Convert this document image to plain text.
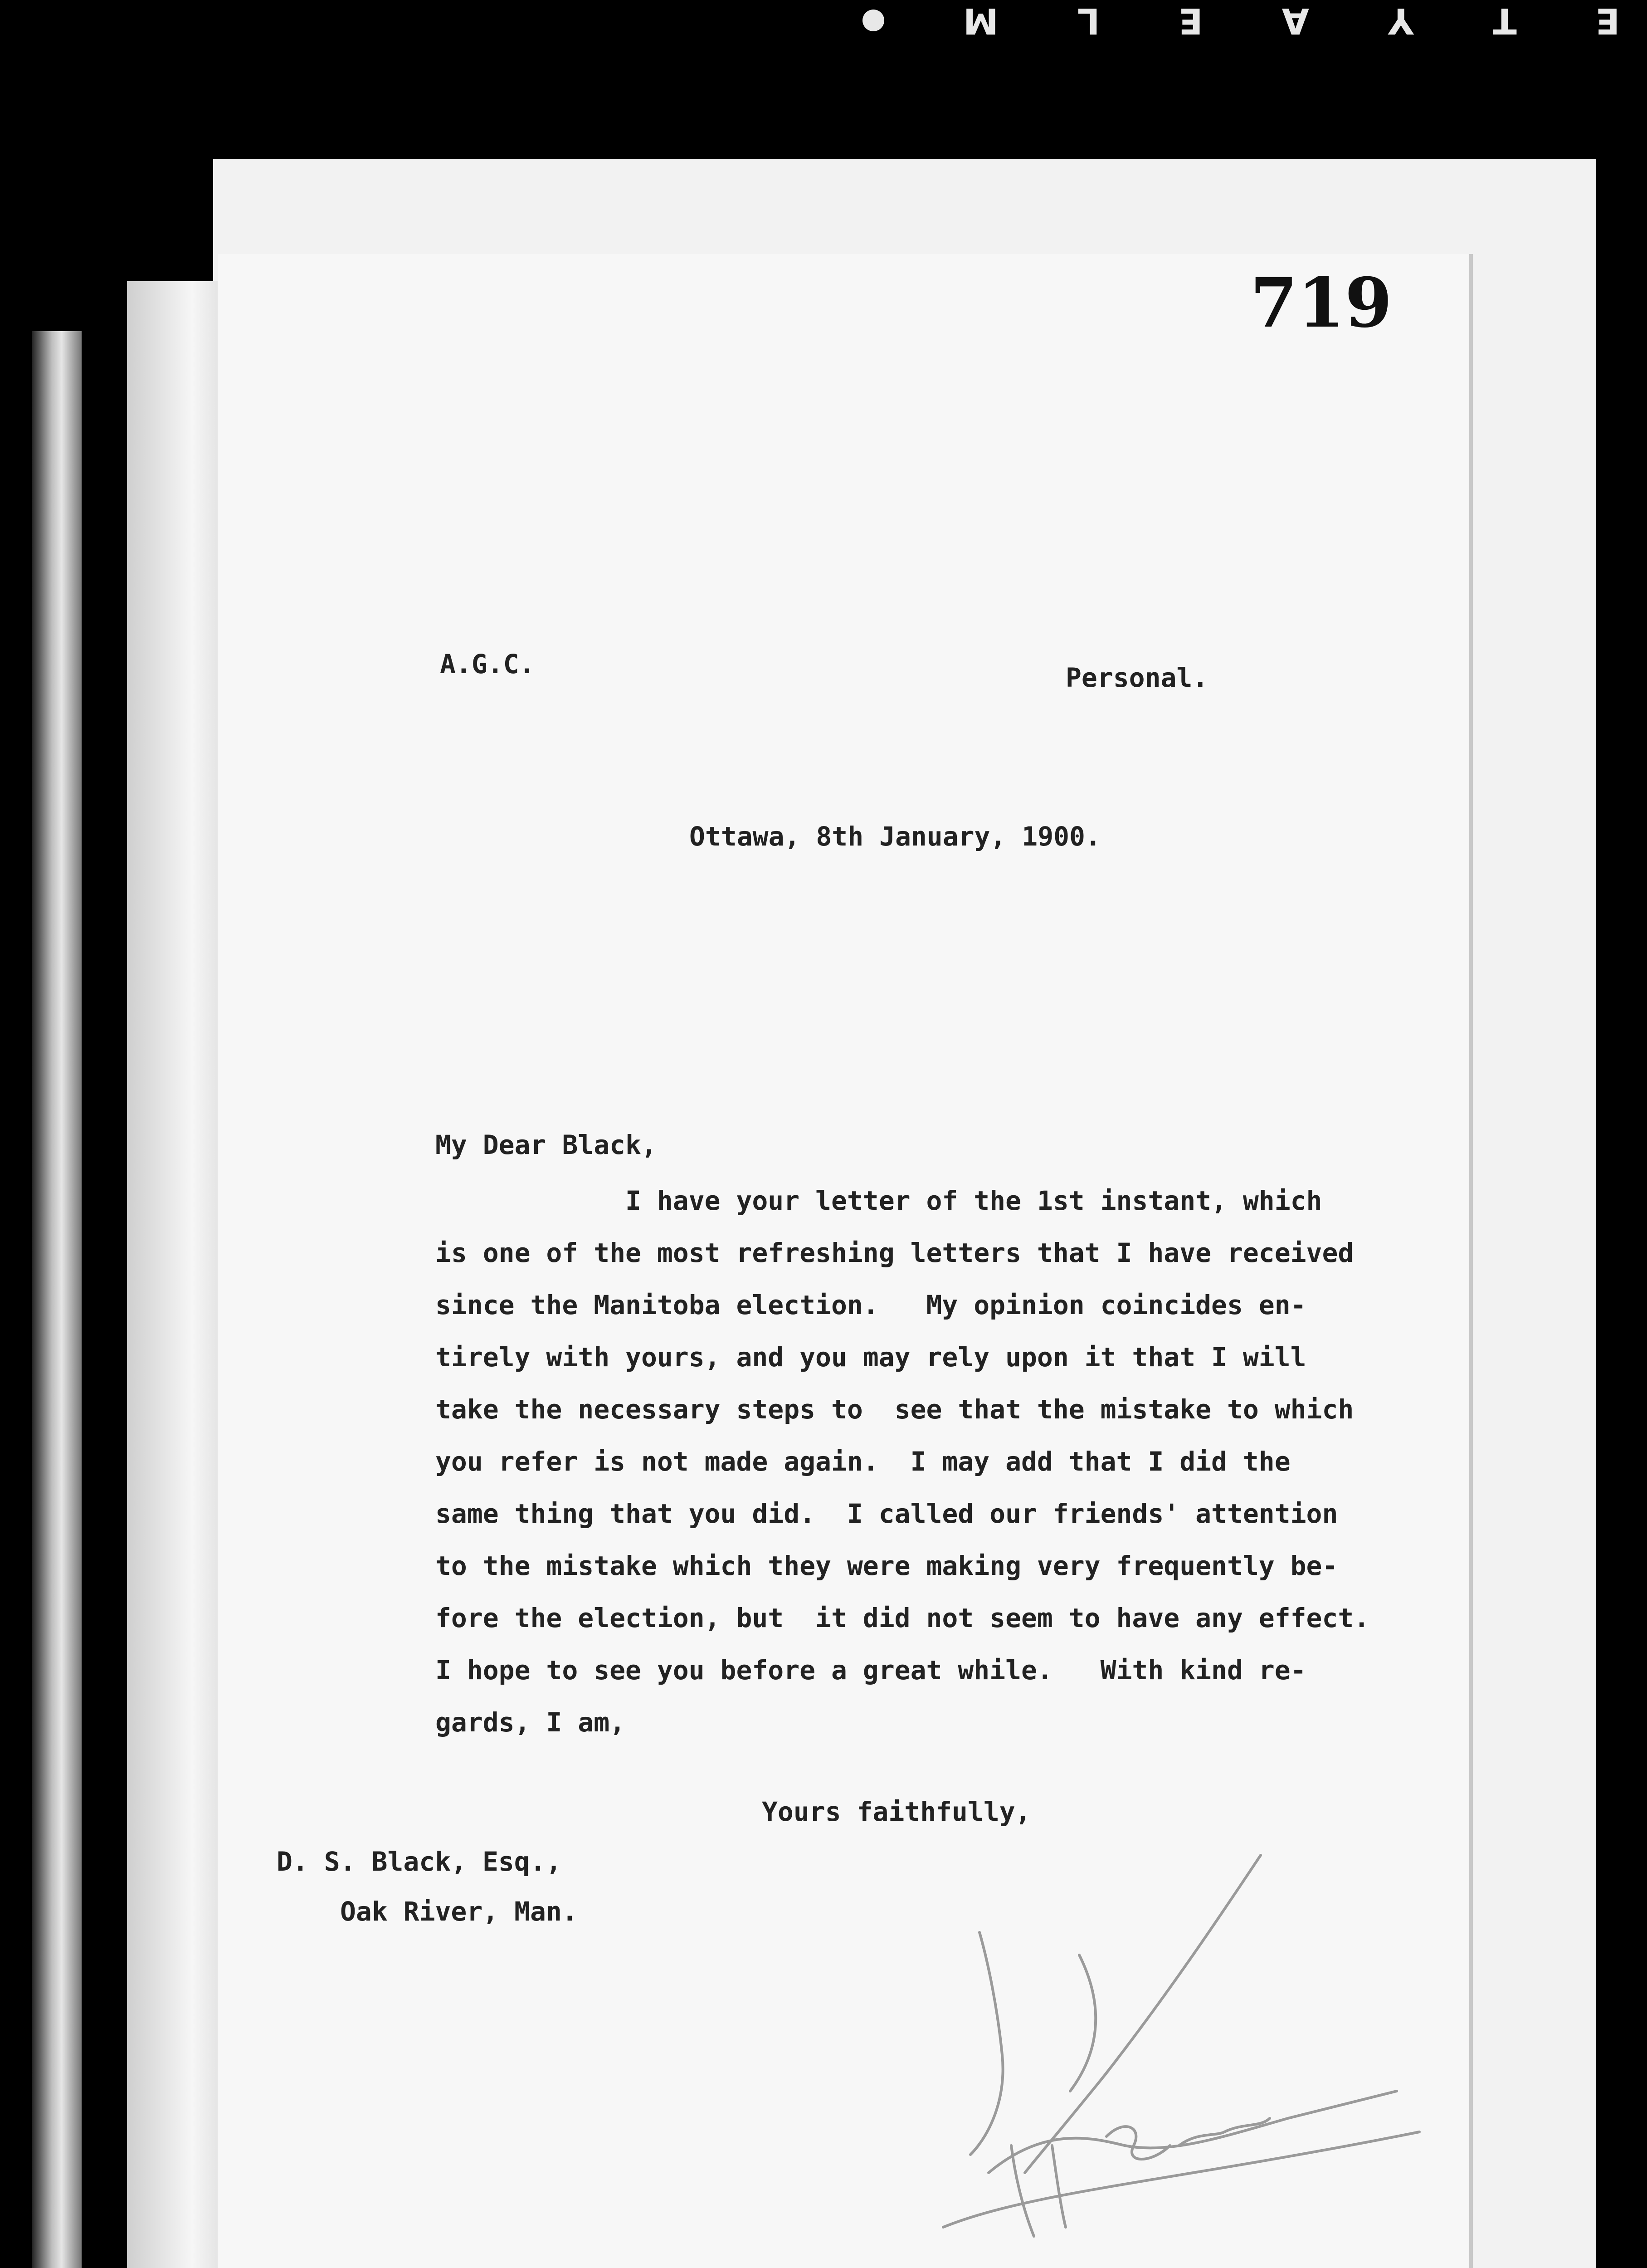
E
T
Y
A
E
L
M
719
A.G.C.	Personal.
Ottawa, 8th January, 1900.
My Dear Black,
I have your letter of the 1st instant, which
is one of the most refreshing letters that I have received
since the Manitoba election.   My opinion coincides en-
tirely with yours, and you may rely upon it that I will
take the necessary steps to  see that the mistake to which
you refer is not made again.  I may add that I did the
same thing that you did.  I called our friends' attention
to the mistake which they were making very frequently be-
fore the election, but  it did not seem to have any effect.
I hope to see you before a great while.   With kind re-
gards, I am,
Yours faithfully,
D. S. Black, Esq.,
Oak River, Man.
